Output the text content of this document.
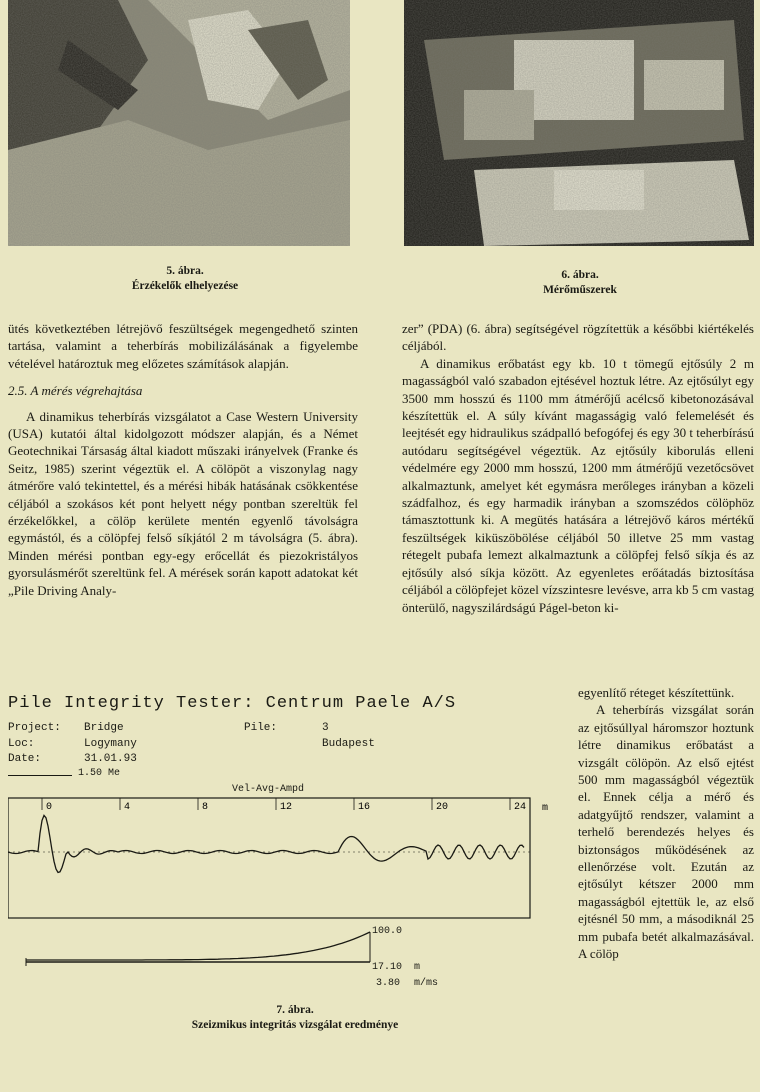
5. ábra.
Érzékelők elhelyezése
6. ábra.
Mérőműszerek

ütés következtében létrejövő feszültségek megengedhető szinten tartása, valamint a teherbírás mobilizálásának a figyelembe vételével határoztuk meg előzetes számítások alapján.

2.5. A mérés végrehajtása

A dinamikus teherbírás vizsgálatot a Case Western University (USA) kutatói által kidolgozott módszer alapján, és a Német Geotechnikai Társaság által kiadott műszaki irányelvek (Franke és Seitz, 1985) szerint végeztük el. A cölöpöt a viszonylag nagy átmérőre való tekintettel, és a mérési hibák hatásának csökkentése céljából a szokásos két pont helyett négy pontban szereltük fel érzékelőkkel, a cölöp kerülete mentén egyenlő távolságra egymástól, és a cölöpfej felső síkjától 2 m távolságra (5. ábra). Minden mérési pontban egy-egy erőcellát és piezokristályos gyorsulásmérőt szereltünk fel. A mérések során kapott adatokat két „Pile Driving Analy-

zer” (PDA) (6. ábra) segítségével rögzítettük a későbbi kiértékelés céljából.

A dinamikus erőbatást egy kb. 10 t tömegű ejtősúly 2 m magasságból való szabadon ejtésével hoztuk létre. Az ejtősúlyt egy 3500 mm hosszú és 1100 mm átmérőjű acélcső kibetonozásával készítettük el. A súly kívánt magasságig való felemelését és leejtését egy hidraulikus szádpalló befogófej és egy 30 t teherbírású autódaru segítségével végeztük. Az ejtősúly kiborulás elleni védelmére egy 2000 mm hosszú, 1200 mm átmérőjű vezetőcsövet alkalmaztunk, amelyet két egymásra merőleges irányban a közeli szádfalhoz, és egy harmadik irányban a szomszédos cölöphöz támasztottunk ki. A megütés hatására a létrejövő káros mértékű feszültségek kiküszöbölése céljából 50 illetve 25 mm vastag rétegelt pubafa lemezt alkalmaztunk a cölöpfej felső síkja és az ejtősúly alsó síkja között. Az egyenletes erőátadás biztosítása céljából a cölöpfejet közel vízszintesre levésve, arra kb 5 cm vastag önterülő, nagyszilárdságú Págel-beton ki-

egyenlítő réteget készítettünk.

A teherbírás vizsgálat során az ejtősúllyal háromszor hoztunk létre dinamikus erőbatást a vizsgált cölöpön. Az első ejtést 500 mm magasságból végeztük el. Ennek célja a mérő és adatgyűjtő rendszer, valamint a terhelő berendezés helyes és biztonságos működésének az ellenőrzése volt. Ezután az ejtősúlyt kétszer 2000 mm magasságból ejtettük le, az első ejtésnél 50 mm, a másodiknál 25 mm pubafa betét alkalmazásával. A cölöp

Pile Integrity Tester: Centrum Paele A/S
Project: Bridge	Pile:	3
Loc:	Logymany	Budapest
Date:	31.01.93
1.50 Me
Vel-Avg-Ampd
0	4	8	12	16	20	24 m
100.0
17.10 m
3.80 m/ms
7. ábra.
Szeizmikus integritás vizsgálat eredménye
